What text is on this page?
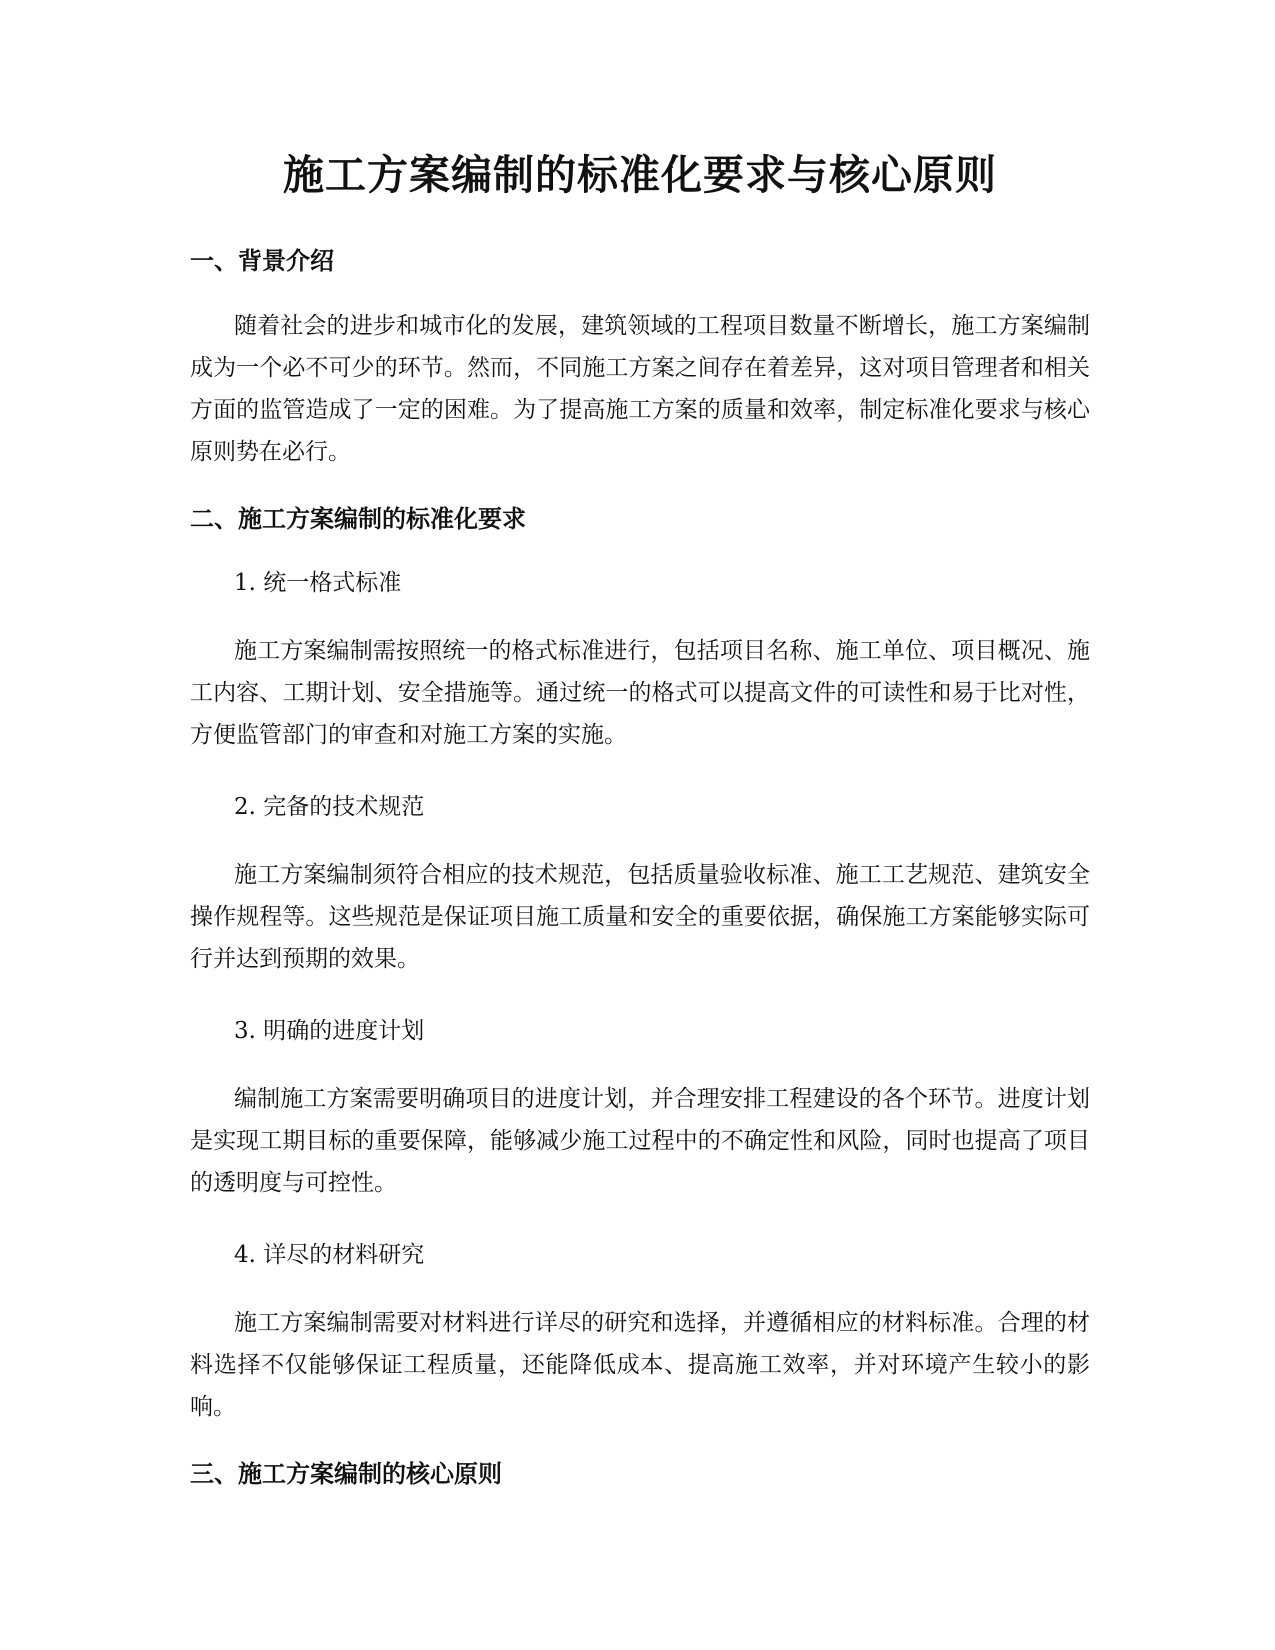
施工方案编制的标准化要求与核心原则
一、背景介绍

随着社会的进步和城市化的发展，建筑领域的工程项目数量不断增长，施工方案编制成为一个必不可少的环节。然而，不同施工方案之间存在着差异，这对项目管理者和相关方面的监管造成了一定的困难。为了提高施工方案的质量和效率，制定标准化要求与核心原则势在必行。

二、施工方案编制的标准化要求
1. 统一格式标准

施工方案编制需按照统一的格式标准进行，包括项目名称、施工单位、项目概况、施工内容、工期计划、安全措施等。通过统一的格式可以提高文件的可读性和易于比对性，方便监管部门的审查和对施工方案的实施。

2. 完备的技术规范

施工方案编制须符合相应的技术规范，包括质量验收标准、施工工艺规范、建筑安全操作规程等。这些规范是保证项目施工质量和安全的重要依据，确保施工方案能够实际可行并达到预期的效果。

3. 明确的进度计划

编制施工方案需要明确项目的进度计划，并合理安排工程建设的各个环节。进度计划是实现工期目标的重要保障，能够减少施工过程中的不确定性和风险，同时也提高了项目的透明度与可控性。

4. 详尽的材料研究

施工方案编制需要对材料进行详尽的研究和选择，并遵循相应的材料标准。合理的材料选择不仅能够保证工程质量，还能降低成本、提高施工效率，并对环境产生较小的影响。

三、施工方案编制的核心原则
